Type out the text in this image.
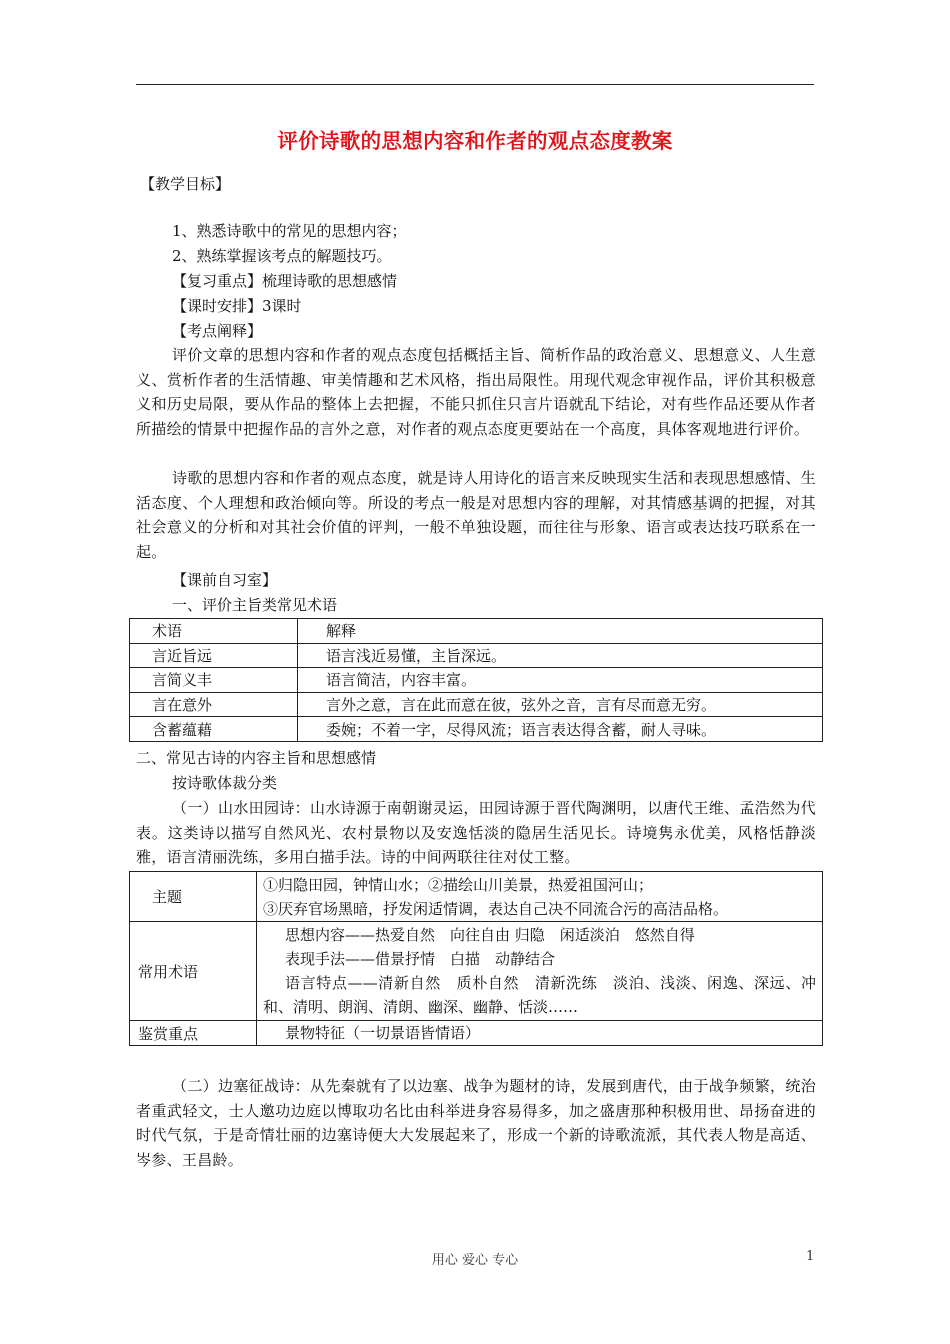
评价诗歌的思想内容和作者的观点态度教案
【教学目标】
1、熟悉诗歌中的常见的思想内容；
2、熟练掌握该考点的解题技巧。
【复习重点】梳理诗歌的思想感情
【课时安排】3课时
【考点阐释】
评价文章的思想内容和作者的观点态度包括概括主旨、简析作品的政治意义、思想意义、人生意义、赏析作者的生活情趣、审美情趣和艺术风格，指出局限性。用现代观念审视作品，评价其积极意义和历史局限，要从作品的整体上去把握，不能只抓住只言片语就乱下结论，对有些作品还要从作者所描绘的情景中把握作品的言外之意，对作者的观点态度更要站在一个高度，具体客观地进行评价。
诗歌的思想内容和作者的观点态度，就是诗人用诗化的语言来反映现实生活和表现思想感情、生活态度、个人理想和政治倾向等。所设的考点一般是对思想内容的理解，对其情感基调的把握，对其社会意义的分析和对其社会价值的评判，一般不单独设题，而往往与形象、语言或表达技巧联系在一起。
【课前自习室】
一、评价主旨类常见术语
术语	解释
言近旨远	语言浅近易懂，主旨深远。
言简义丰	语言简洁，内容丰富。
言在意外	言外之意，言在此而意在彼，弦外之音，言有尽而意无穷。
含蓄蕴藉	委婉；不着一字，尽得风流；语言表达得含蓄，耐人寻味。
二、常见古诗的内容主旨和思想感情
按诗歌体裁分类
（一）山水田园诗：山水诗源于南朝谢灵运，田园诗源于晋代陶渊明，以唐代王维、孟浩然为代表。这类诗以描写自然风光、农村景物以及安逸恬淡的隐居生活见长。诗境隽永优美，风格恬静淡雅，语言清丽洗练，多用白描手法。诗的中间两联往往对仗工整。
主题	①归隐田园，钟情山水；②描绘山川美景，热爱祖国河山；
③厌弃官场黑暗，抒发闲适情调，表达自己决不同流合污的高洁品格。

常用术语	思想内容——热爱自然　向往自由 归隐　闲适淡泊　悠然自得
表现手法——借景抒情　白描　动静结合
语言特点——清新自然　质朴自然　清新洗练　淡泊、浅淡、闲逸、深远、冲和、清明、朗润、清朗、幽深、幽静、恬淡……

鉴赏重点	景物特征（一切景语皆情语）
（二）边塞征战诗：从先秦就有了以边塞、战争为题材的诗，发展到唐代，由于战争频繁，统治者重武轻文，士人邀功边庭以博取功名比由科举进身容易得多，加之盛唐那种积极用世、昂扬奋进的时代气氛，于是奇情壮丽的边塞诗便大大发展起来了，形成一个新的诗歌流派，其代表人物是高适、岑参、王昌龄。
用心 爱心 专心	1
